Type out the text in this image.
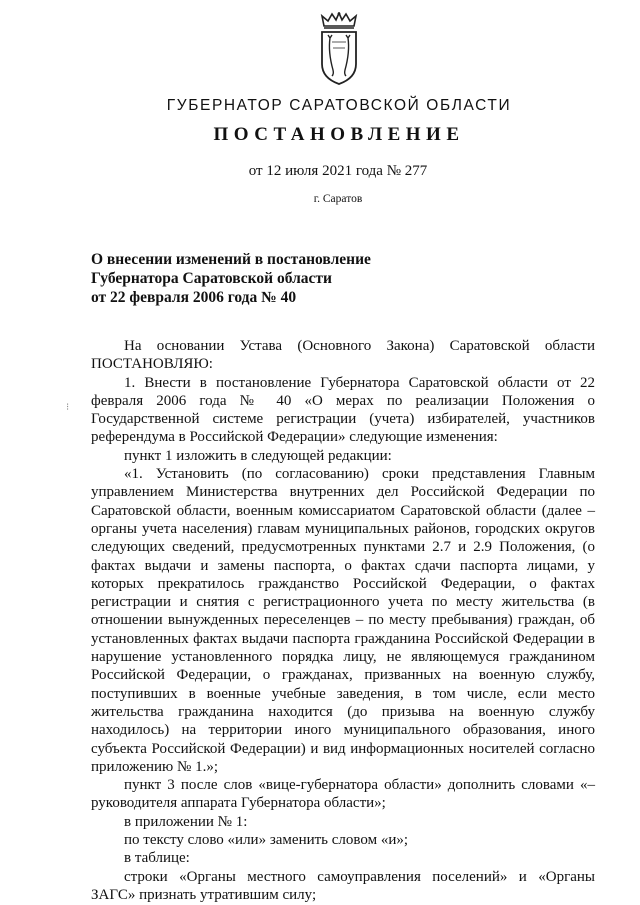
ГУБЕРНАТОР САРАТОВСКОЙ ОБЛАСТИ
ПОСТАНОВЛЕНИЕ
от 12 июля 2021 года № 277
г. Саратов
О внесении изменений в постановление
Губернатора Саратовской области
от 22 февраля 2006 года № 40
⁝

На основании Устава (Основного Закона) Саратовской области

ПОСТАНОВЛЯЮ:

1. Внести в постановление Губернатора Саратовской области от 22 февраля 2006 года № 40 «О мерах по реализации Положения о Государственной системе регистрации (учета) избирателей, участников референдума в Российской Федерации» следующие изменения:

пункт 1 изложить в следующей редакции:

«1. Установить (по согласованию) сроки представления Главным управлением Министерства внутренних дел Российской Федерации по Саратовской области, военным комиссариатом Саратовской области (далее – органы учета населения) главам муниципальных районов, городских округов следующих сведений, предусмотренных пунктами 2.7 и 2.9 Положения, (о фактах выдачи и замены паспорта, о фактах сдачи паспорта лицами, у которых прекратилось гражданство Российской Федерации, о фактах регистрации и снятия с регистрационного учета по месту жительства (в отношении вынужденных переселенцев – по месту пребывания) граждан, об установленных фактах выдачи паспорта гражданина Российской Федерации в нарушение установленного порядка лицу, не являющемуся гражданином Российской Федерации, о гражданах, призванных на военную службу, поступивших в военные учебные заведения, в том числе, если место жительства гражданина находится (до призыва на военную службу находилось) на территории иного муниципального образования, иного субъекта Российской Федерации) и вид информационных носителей согласно приложению № 1.»;

пункт 3 после слов «вице-губернатора области» дополнить словами «– руководителя аппарата Губернатора области»;

в приложении № 1:

по тексту слово «или» заменить словом «и»;

в таблице:

строки «Органы местного самоуправления поселений» и «Органы ЗАГС» признать утратившим силу;
